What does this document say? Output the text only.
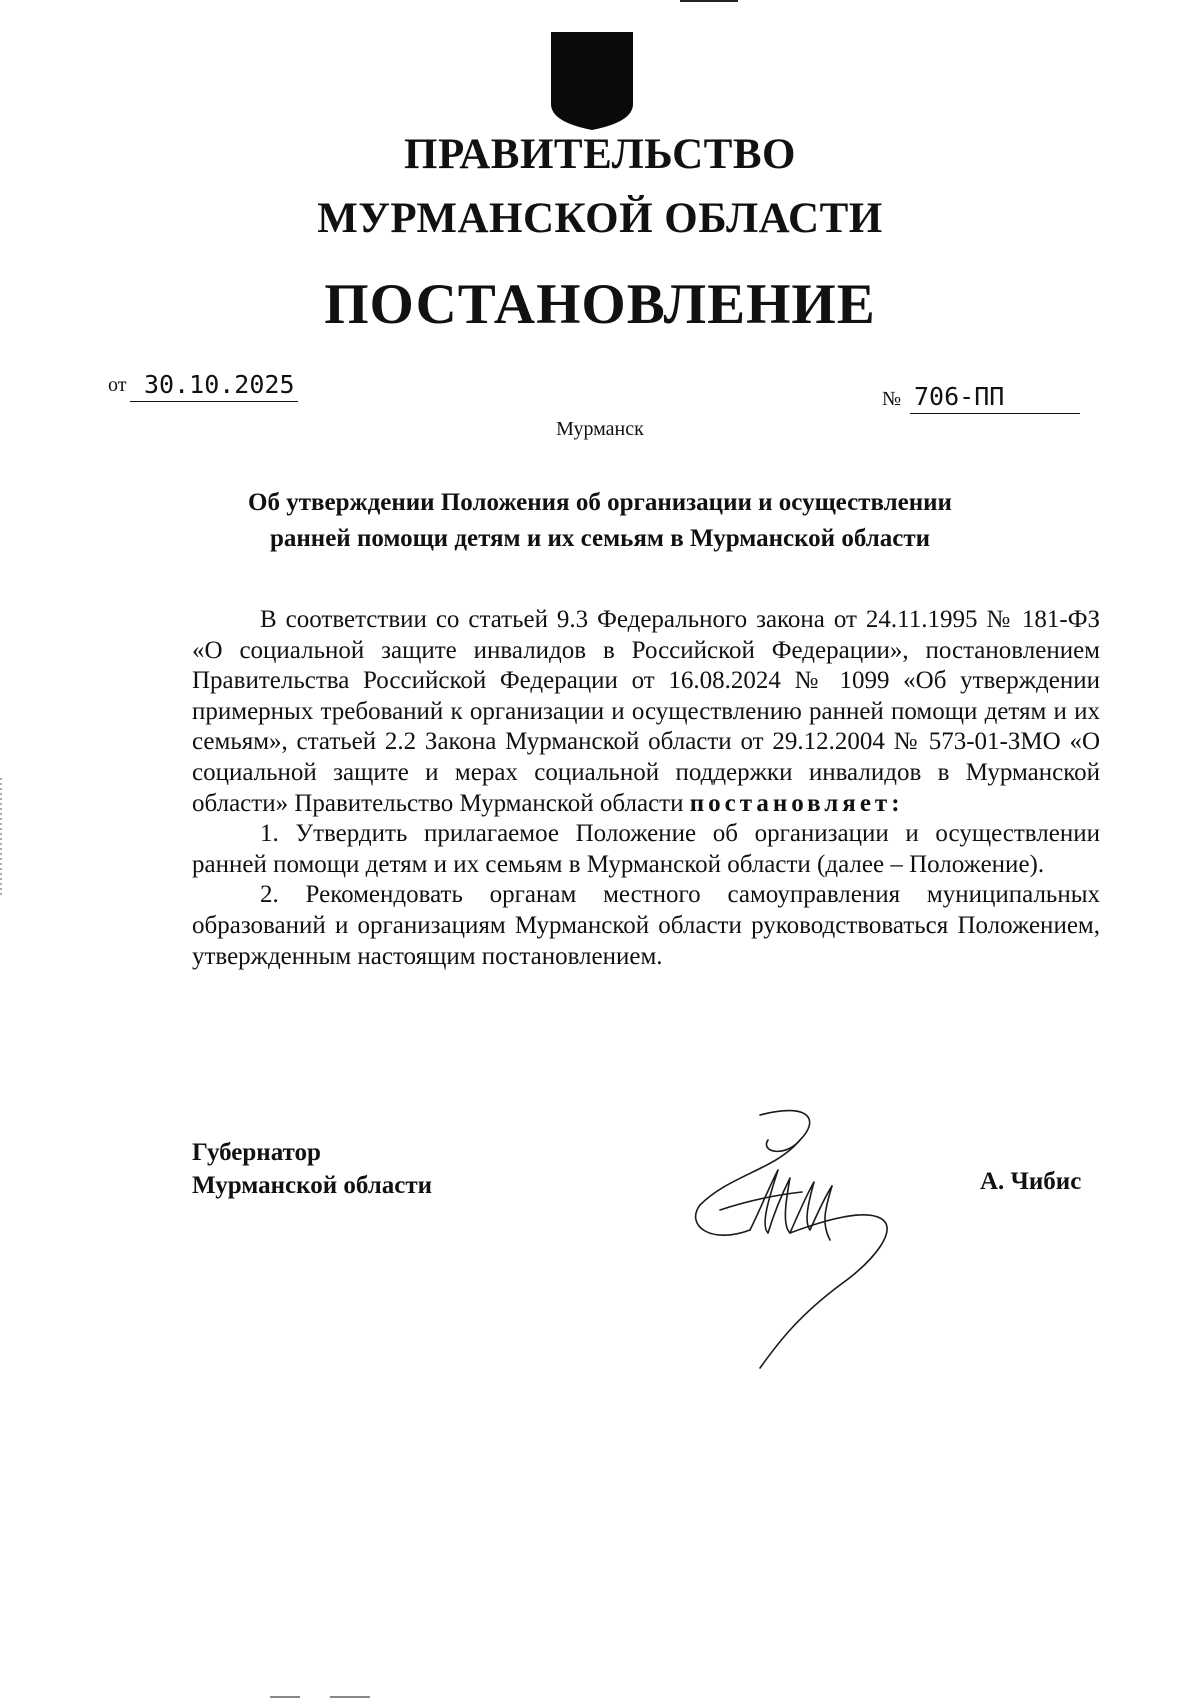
ПРАВИТЕЛЬСТВО
МУРМАНСКОЙ ОБЛАСТИ
ПОСТАНОВЛЕНИЕ
от 30.10.2025	№ 706-ПП
Мурманск
Об утверждении Положения об организации и осуществлении
ранней помощи детям и их семьям в Мурманской области

В соответствии со статьей 9.3 Федерального закона от 24.11.1995 № 181-ФЗ «О социальной защите инвалидов в Российской Федерации», постановлением Правительства Российской Федерации от 16.08.2024 № 1099 «Об утверждении примерных требований к организации и осуществлению ранней помощи детям и их семьям», статьей 2.2 Закона Мурманской области от 29.12.2004 № 573-01-ЗМО «О социальной защите и мерах социальной поддержки инвалидов в Мурманской области» Правительство Мурманской области постановляет:

1. Утвердить прилагаемое Положение об организации и осуществлении ранней помощи детям и их семьям в Мурманской области (далее – Положение).

2. Рекомендовать органам местного самоуправления муниципальных образований и организациям Мурманской области руководствоваться Положением, утвержденным настоящим постановлением.

Губернатор
Мурманской области	А. Чибис
